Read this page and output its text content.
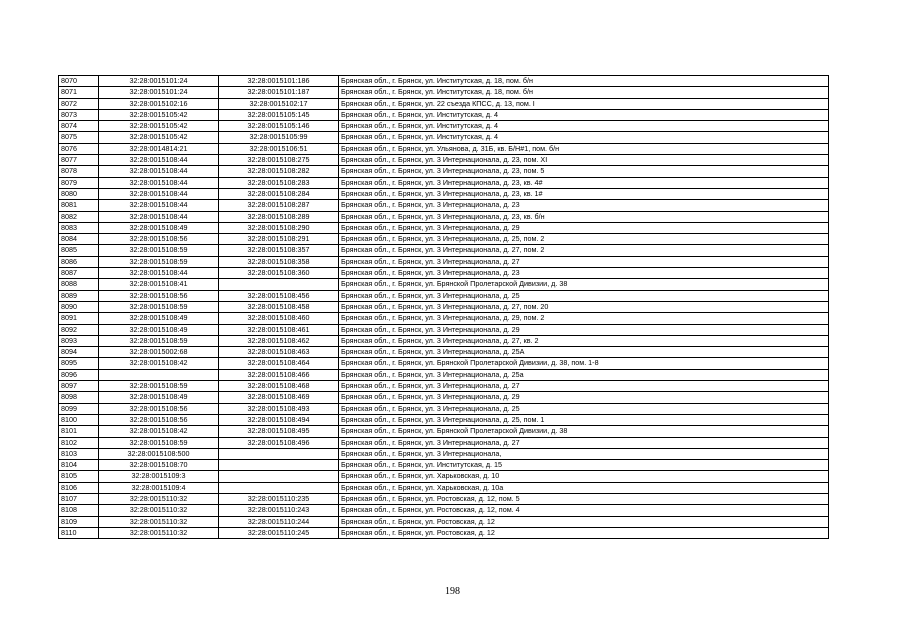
8070	32:28:0015101:24	32:28:0015101:186	Брянская обл., г. Брянск, ул. Институтская, д. 18, пом. б/н
8071	32:28:0015101:24	32:28:0015101:187	Брянская обл., г. Брянск, ул. Институтская, д. 18, пом. б/н
8072	32:28:0015102:16	32:28:0015102:17	Брянская обл., г. Брянск, ул. 22 съезда КПСС, д. 13, пом. I
8073	32:28:0015105:42	32:28:0015105:145	Брянская обл., г. Брянск, ул. Институтская, д. 4
8074	32:28:0015105:42	32:28:0015105:146	Брянская обл., г. Брянск, ул. Институтская, д. 4
8075	32:28:0015105:42	32:28:0015105:99	Брянская обл., г. Брянск, ул. Институтская, д. 4
8076	32:28:0014814:21	32:28:0015106:51	Брянская обл., г. Брянск, ул. Ульянова, д. 31Б, кв. Б/Н#1, пом. б/н
8077	32:28:0015108:44	32:28:0015108:275	Брянская обл., г. Брянск, ул. 3 Интернационала, д. 23, пом. XI
8078	32:28:0015108:44	32:28:0015108:282	Брянская обл., г. Брянск, ул. 3 Интернационала, д. 23, пом. 5
8079	32:28:0015108:44	32:28:0015108:283	Брянская обл., г. Брянск, ул. 3 Интернационала, д. 23, кв. 4#
8080	32:28:0015108:44	32:28:0015108:284	Брянская обл., г. Брянск, ул. 3 Интернационала, д. 23, кв. 1#
8081	32:28:0015108:44	32:28:0015108:287	Брянская обл., г. Брянск, ул. 3 Интернационала, д. 23
8082	32:28:0015108:44	32:28:0015108:289	Брянская обл., г. Брянск, ул. 3 Интернационала, д. 23, кв. б/н
8083	32:28:0015108:49	32:28:0015108:290	Брянская обл., г. Брянск, ул. 3 Интернационала, д. 29
8084	32:28:0015108:56	32:28:0015108:291	Брянская обл., г. Брянск, ул. 3 Интернационала, д. 25, пом. 2
8085	32:28:0015108:59	32:28:0015108:357	Брянская обл., г. Брянск, ул. 3 Интернационала, д. 27, пом. 2
8086	32:28:0015108:59	32:28:0015108:358	Брянская обл., г. Брянск, ул. 3 Интернационала, д. 27
8087	32:28:0015108:44	32:28:0015108:360	Брянская обл., г. Брянск, ул. 3 Интернационала, д. 23
8088	32:28:0015108:41		Брянская обл., г. Брянск, ул. Брянской Пролетарской Дивизии, д. 38
8089	32:28:0015108:56	32:28:0015108:456	Брянская обл., г. Брянск, ул. 3 Интернационала, д. 25
8090	32:28:0015108:59	32:28:0015108:458	Брянская обл., г. Брянск, ул. 3 Интернационала, д. 27, пом. 20
8091	32:28:0015108:49	32:28:0015108:460	Брянская обл., г. Брянск, ул. 3 Интернационала, д. 29, пом. 2
8092	32:28:0015108:49	32:28:0015108:461	Брянская обл., г. Брянск, ул. 3 Интернационала, д. 29
8093	32:28:0015108:59	32:28:0015108:462	Брянская обл., г. Брянск, ул. 3 Интернационала, д. 27, кв. 2
8094	32:28:0015002:68	32:28:0015108:463	Брянская обл., г. Брянск, ул. 3 Интернационала, д. 25А
8095	32:28:0015108:42	32:28:0015108:464	Брянская обл., г. Брянск, ул. Брянской Пролетарской Дивизии, д. 38, пом. 1-8
8096		32:28:0015108:466	Брянская обл., г. Брянск, ул. 3 Интернационала, д. 25а
8097	32:28:0015108:59	32:28:0015108:468	Брянская обл., г. Брянск, ул. 3 Интернационала, д. 27
8098	32:28:0015108:49	32:28:0015108:469	Брянская обл., г. Брянск, ул. 3 Интернационала, д. 29
8099	32:28:0015108:56	32:28:0015108:493	Брянская обл., г. Брянск, ул. 3 Интернационала, д. 25
8100	32:28:0015108:56	32:28:0015108:494	Брянская обл., г. Брянск, ул. 3 Интернационала, д. 25, пом. 1
8101	32:28:0015108:42	32:28:0015108:495	Брянская обл., г. Брянск, ул. Брянской Пролетарской Дивизии, д. 38
8102	32:28:0015108:59	32:28:0015108:496	Брянская обл., г. Брянск, ул. 3 Интернационала, д. 27
8103	32:28:0015108:500		Брянская обл., г. Брянск, ул. 3 Интернационала,
8104	32:28:0015108:70		Брянская обл., г. Брянск, ул. Институтская, д. 15
8105	32:28:0015109:3		Брянская обл., г. Брянск, ул. Харьковская, д. 10
8106	32:28:0015109:4		Брянская обл., г. Брянск, ул. Харьковская, д. 10а
8107	32:28:0015110:32	32:28:0015110:235	Брянская обл., г. Брянск, ул. Ростовская, д. 12, пом. 5
8108	32:28:0015110:32	32:28:0015110:243	Брянская обл., г. Брянск, ул. Ростовская, д. 12, пом. 4
8109	32:28:0015110:32	32:28:0015110:244	Брянская обл., г. Брянск, ул. Ростовская, д. 12
8110	32:28:0015110:32	32:28:0015110:245	Брянская обл., г. Брянск, ул. Ростовская, д. 12
198
